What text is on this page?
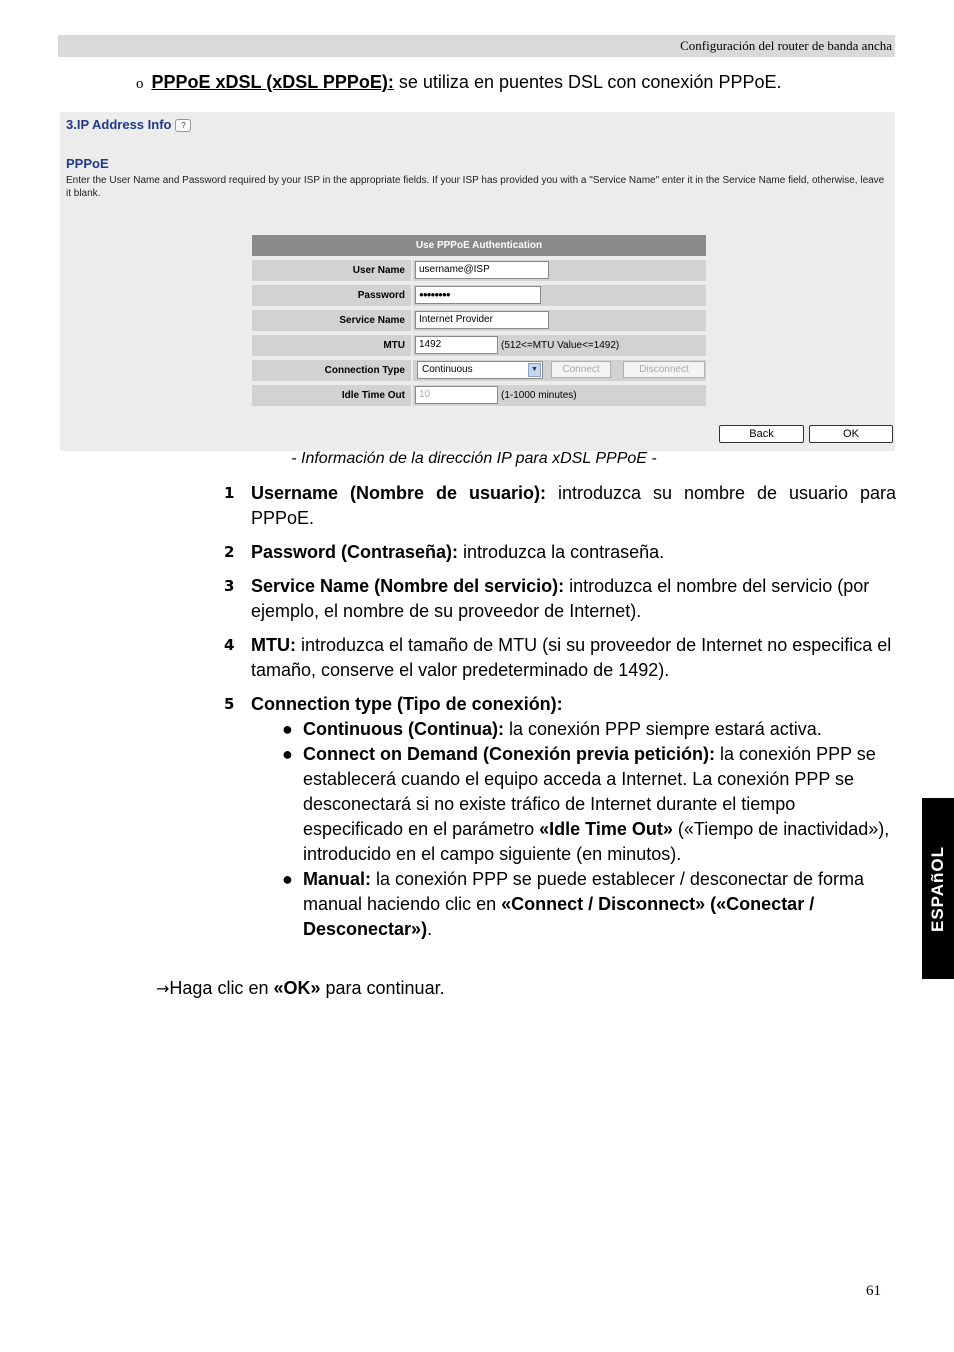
Configuración del router de banda ancha
o PPPoE xDSL (xDSL PPPoE): se utiliza en puentes DSL con conexión PPPoE.
3.IP Address Info ?
PPPoE
Enter the User Name and Password required by your ISP in the appropriate fields. If your ISP has provided you with a "Service Name" enter it in the Service Name field, otherwise, leave it blank.
Use PPPoE Authentication
User Name	username@ISP
Password	●●●●●●●●
Service Name	Internet Provider
MTU	1492	(512<=MTU Value<=1492)
Connection Type	Continuous	▼	Connect	Disconnect
Idle Time Out	10	(1-1000 minutes)
Back	OK
- Información de la dirección IP para xDSL PPPoE -
1 Username (Nombre de usuario): introduzca su nombre de usuario para PPPoE.
2 Password (Contraseña): introduzca la contraseña.
3 Service Name (Nombre del servicio): introduzca el nombre del servicio (por ejemplo, el nombre de su proveedor de Internet).
4 MTU: introduzca el tamaño de MTU (si su proveedor de Internet no especifica el tamaño, conserve el valor predeterminado de 1492).
5 Connection type (Tipo de conexión):
● Continuous (Continua): la conexión PPP siempre estará activa.
● Connect on Demand (Conexión previa petición): la conexión PPP se establecerá cuando el equipo acceda a Internet. La conexión PPP se desconectará si no existe tráfico de Internet durante el tiempo especificado en el parámetro «Idle Time Out» («Tiempo de inactividad»), introducido en el campo siguiente (en minutos).
● Manual: la conexión PPP se puede establecer / desconectar de forma manual haciendo clic en «Connect / Disconnect» («Conectar / Desconectar»).
→Haga clic en «OK» para continuar.
ESPAñOL
61
